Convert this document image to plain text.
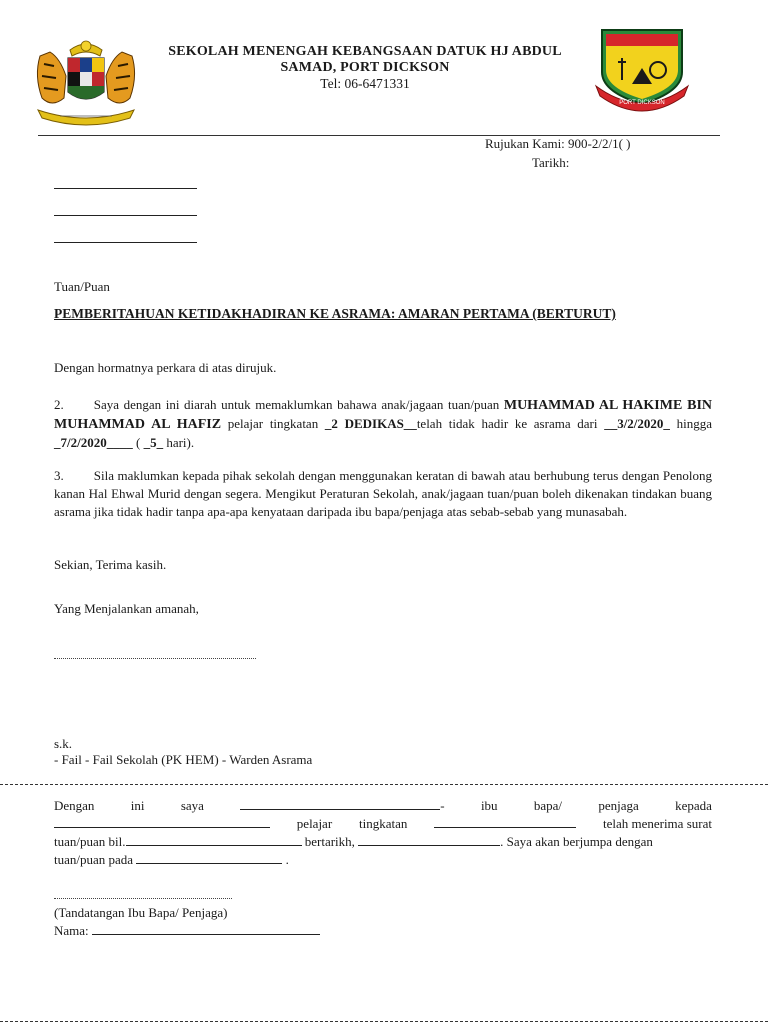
SEKOLAH MENENGAH KEBANGSAAN DATUK HJ ABDUL
SAMAD, PORT DICKSON
Tel: 06-6471331
PORT DICKSON
Rujukan Kami: 900-2/2/1( )
Tarikh:
Tuan/Puan
PEMBERITAHUAN KETIDAKHADIRAN KE ASRAMA: AMARAN PERTAMA (BERTURUT)
Dengan hormatnya perkara di atas dirujuk.
2. Saya dengan ini diarah untuk memaklumkan bahawa anak/jagaan tuan/puan MUHAMMAD AL HAKIME BIN MUHAMMAD AL HAFIZ pelajar tingkatan _2 DEDIKAS__telah tidak hadir ke asrama dari __3/2/2020_ hingga _7/2/2020____ ( _5_ hari).
3. Sila maklumkan kepada pihak sekolah dengan menggunakan keratan di bawah atau berhubung terus dengan Penolong kanan Hal Ehwal Murid dengan segera. Mengikut Peraturan Sekolah, anak/jagaan tuan/puan boleh dikenakan tindakan buang asrama jika tidak hadir tanpa apa-apa kenyataan daripada ibu bapa/penjaga atas sebab-sebab yang munasabah.
Sekian, Terima kasih.
Yang Menjalankan amanah,
s.k.
- Fail - Fail Sekolah (PK HEM) - Warden Asrama
Dengan	ini	saya	-	ibu	bapa/	penjaga	kepada
pelajar tingkatan	telah menerima surat
tuan/puan bil.	bertarikh,	. Saya akan berjumpa dengan
tuan/puan pada	.
(Tandatangan Ibu Bapa/ Penjaga)
Nama:
